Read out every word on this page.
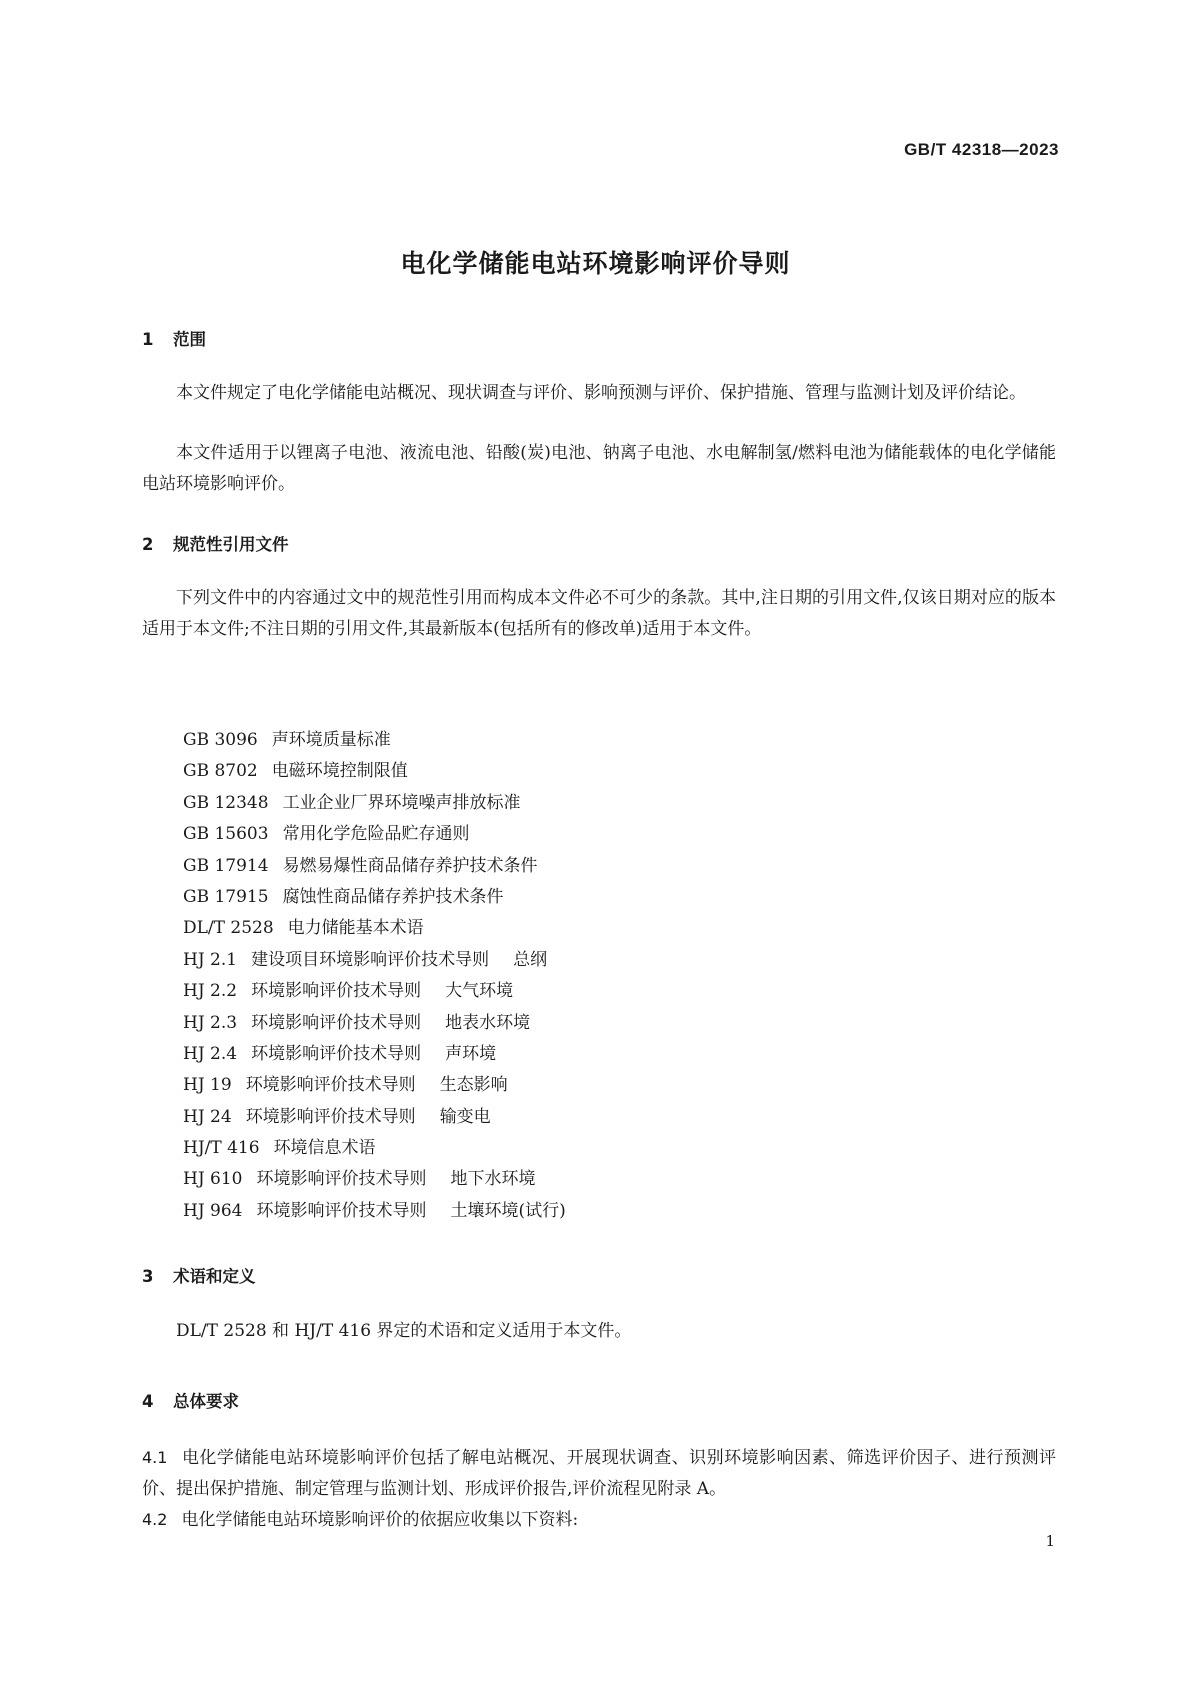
GB/T 42318—2023
电化学储能电站环境影响评价导则
1 范围

本文件规定了电化学储能电站概况、现状调查与评价、影响预测与评价、保护措施、管理与监测计划及评价结论。

本文件适用于以锂离子电池、液流电池、铅酸(炭)电池、钠离子电池、水电解制氢/燃料电池为储能载体的电化学储能电站环境影响评价。

2 规范性引用文件

下列文件中的内容通过文中的规范性引用而构成本文件必不可少的条款。其中,注日期的引用文件,仅该日期对应的版本适用于本文件;不注日期的引用文件,其最新版本(包括所有的修改单)适用于本文件。

GB 3096 声环境质量标准
GB 8702 电磁环境控制限值
GB 12348 工业企业厂界环境噪声排放标准
GB 15603 常用化学危险品贮存通则
GB 17914 易燃易爆性商品储存养护技术条件
GB 17915 腐蚀性商品储存养护技术条件
DL/T 2528 电力储能基本术语
HJ 2.1 建设项目环境影响评价技术导则 总纲
HJ 2.2 环境影响评价技术导则 大气环境
HJ 2.3 环境影响评价技术导则 地表水环境
HJ 2.4 环境影响评价技术导则 声环境
HJ 19 环境影响评价技术导则 生态影响
HJ 24 环境影响评价技术导则 输变电
HJ/T 416 环境信息术语
HJ 610 环境影响评价技术导则 地下水环境
HJ 964 环境影响评价技术导则 土壤环境(试行)
3 术语和定义

DL/T 2528 和 HJ/T 416 界定的术语和定义适用于本文件。

4 总体要求

4.1 电化学储能电站环境影响评价包括了解电站概况、开展现状调查、识别环境影响因素、筛选评价因子、进行预测评价、提出保护措施、制定管理与监测计划、形成评价报告,评价流程见附录 A。

4.2 电化学储能电站环境影响评价的依据应收集以下资料:

1
